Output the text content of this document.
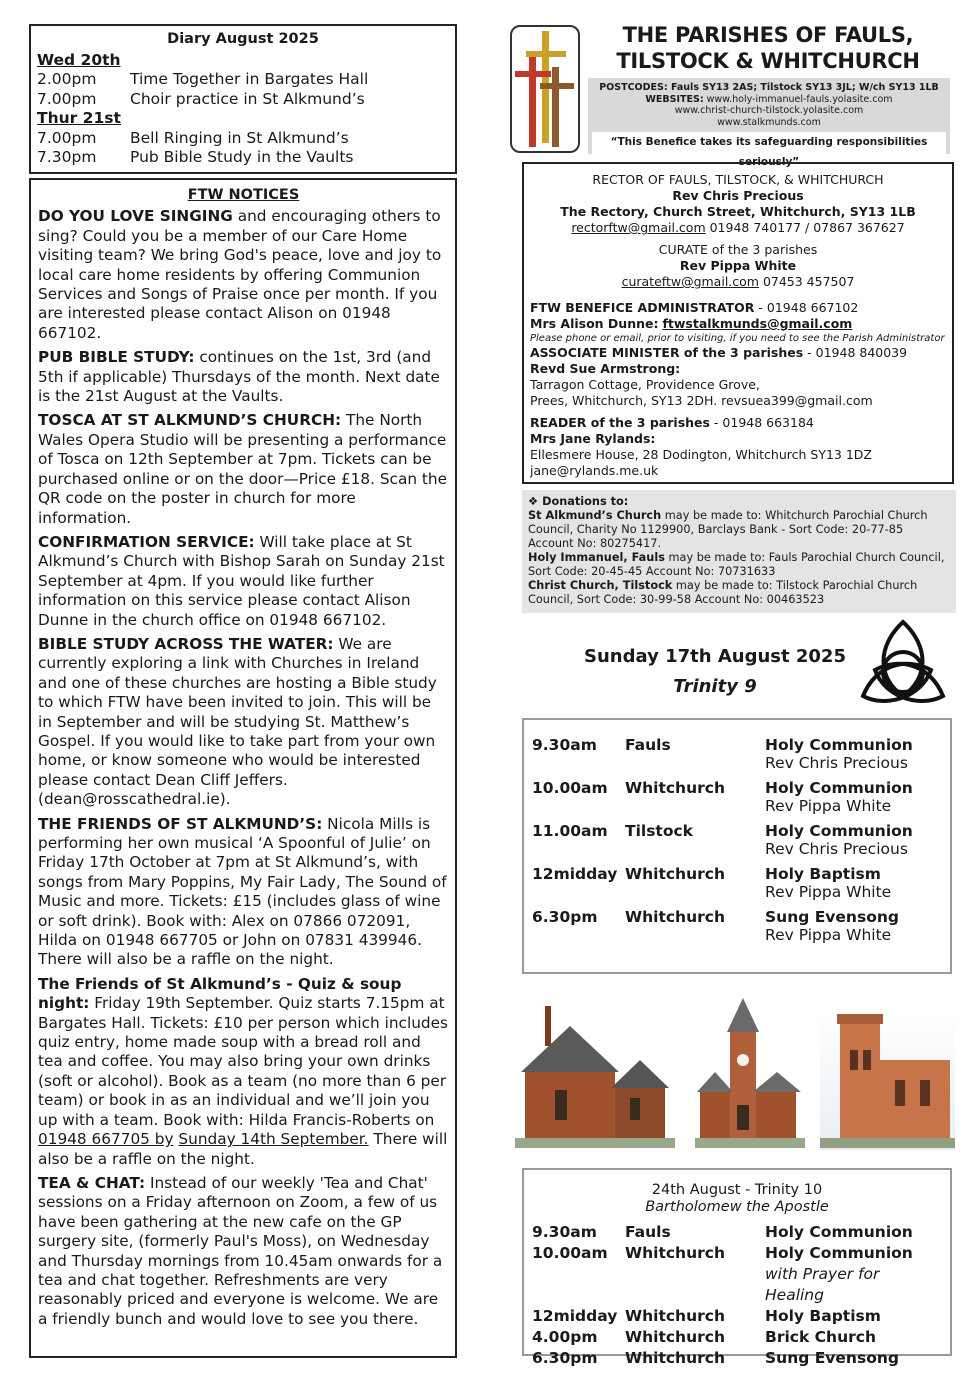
Diary August 2025
Wed 20th
2.00pm	Time Together in Bargates Hall
7.00pm	Choir practice in St Alkmund’s
Thur 21st
7.00pm	Bell Ringing in St Alkmund’s
7.30pm	Pub Bible Study in the Vaults
FTW NOTICES

DO YOU LOVE SINGING and encouraging others to sing? Could you be a member of our Care Home visiting team? We bring God's peace, love and joy to local care home residents by offering Communion Services and Songs of Praise once per month. If you are interested please contact Alison on 01948 667102.

PUB BIBLE STUDY: continues on the 1st, 3rd (and 5th if applicable) Thursdays of the month. Next date is the 21st August at the Vaults.

TOSCA AT ST ALKMUND’S CHURCH: The North Wales Opera Studio will be presenting a performance of Tosca on 12th September at 7pm. Tickets can be purchased online or on the door—Price £18. Scan the QR code on the poster in church for more information.

CONFIRMATION SERVICE: Will take place at St Alkmund’s Church with Bishop Sarah on Sunday 21st September at 4pm. If you would like further information on this service please contact Alison Dunne in the church office on 01948 667102.

BIBLE STUDY ACROSS THE WATER: We are currently exploring a link with Churches in Ireland and one of these churches are hosting a Bible study to which FTW have been invited to join. This will be in September and will be studying St. Matthew’s Gospel. If you would like to take part from your own home, or know someone who would be interested please contact Dean Cliff Jeffers. (dean@rosscathedral.ie).

THE FRIENDS OF ST ALKMUND’S: Nicola Mills is performing her own musical ‘A Spoonful of Julie’ on Friday 17th October at 7pm at St Alkmund’s, with songs from Mary Poppins, My Fair Lady, The Sound of Music and more. Tickets: £15 (includes glass of wine or soft drink). Book with: Alex on 07866 072091, Hilda on 01948 667705 or John on 07831 439946. There will also be a raffle on the night.

The Friends of St Alkmund’s - Quiz & soup night: Friday 19th September. Quiz starts 7.15pm at Bargates Hall. Tickets: £10 per person which includes quiz entry, home made soup with a bread roll and tea and coffee. You may also bring your own drinks (soft or alcohol). Book as a team (no more than 6 per team) or book in as an individual and we’ll join you up with a team. Book with: Hilda Francis-Roberts on 01948 667705 by Sunday 14th September. There will also be a raffle on the night.

TEA & CHAT: Instead of our weekly 'Tea and Chat' sessions on a Friday afternoon on Zoom, a few of us have been gathering at the new cafe on the GP surgery site, (formerly Paul's Moss), on Wednesday and Thursday mornings from 10.45am onwards for a tea and chat together. Refreshments are very reasonably priced and everyone is welcome. We are a friendly bunch and would love to see you there.

THE PARISHES OF FAULS,
TILSTOCK & WHITCHURCH
POSTCODES: Fauls SY13 2AS; Tilstock SY13 3JL; W/ch SY13 1LB
WEBSITES: www.holy-immanuel-fauls.yolasite.com
www.christ-church-tilstock.yolasite.com
www.stalkmunds.com
“This Benefice takes its safeguarding responsibilities seriously”
RECTOR OF FAULS, TILSTOCK, & WHITCHURCH
Rev Chris Precious
The Rectory, Church Street, Whitchurch, SY13 1LB
rectorftw@gmail.com 01948 740177 / 07867 367627
CURATE of the 3 parishes
Rev Pippa White
curateftw@gmail.com 07453 457507
FTW BENEFICE ADMINISTRATOR - 01948 667102
Mrs Alison Dunne: ftwstalkmunds@gmail.com
Please phone or email, prior to visiting, if you need to see the Parish Administrator
ASSOCIATE MINISTER of the 3 parishes - 01948 840039
Revd Sue Armstrong:
Tarragon Cottage, Providence Grove,
Prees, Whitchurch, SY13 2DH. revsuea399@gmail.com
READER of the 3 parishes - 01948 663184
Mrs Jane Rylands:
Ellesmere House, 28 Dodington, Whitchurch SY13 1DZ
jane@rylands.me.uk
❖ Donations to:
St Alkmund’s Church may be made to: Whitchurch Parochial Church Council, Charity No 1129900, Barclays Bank - Sort Code: 20-77-85 Account No: 80275417.
Holy Immanuel, Fauls may be made to: Fauls Parochial Church Council, Sort Code: 20-45-45 Account No: 70731633
Christ Church, Tilstock may be made to: Tilstock Parochial Church Council, Sort Code: 30-99-58 Account No: 00463523
Sunday 17th August 2025
Trinity 9
9.30am	Fauls	Holy Communion
Rev Chris Precious
10.00am	Whitchurch	Holy Communion
Rev Pippa White
11.00am	Tilstock	Holy Communion
Rev Chris Precious
12midday Whitchurch	Holy Baptism
Rev Pippa White
6.30pm	Whitchurch	Sung Evensong
Rev Pippa White
24th August - Trinity 10
Bartholomew the Apostle
9.30am	Fauls	Holy Communion
10.00am	Whitchurch	Holy Communion
with Prayer for Healing
12midday Whitchurch	Holy Baptism
4.00pm	Whitchurch	Brick Church
6.30pm	Whitchurch	Sung Evensong
